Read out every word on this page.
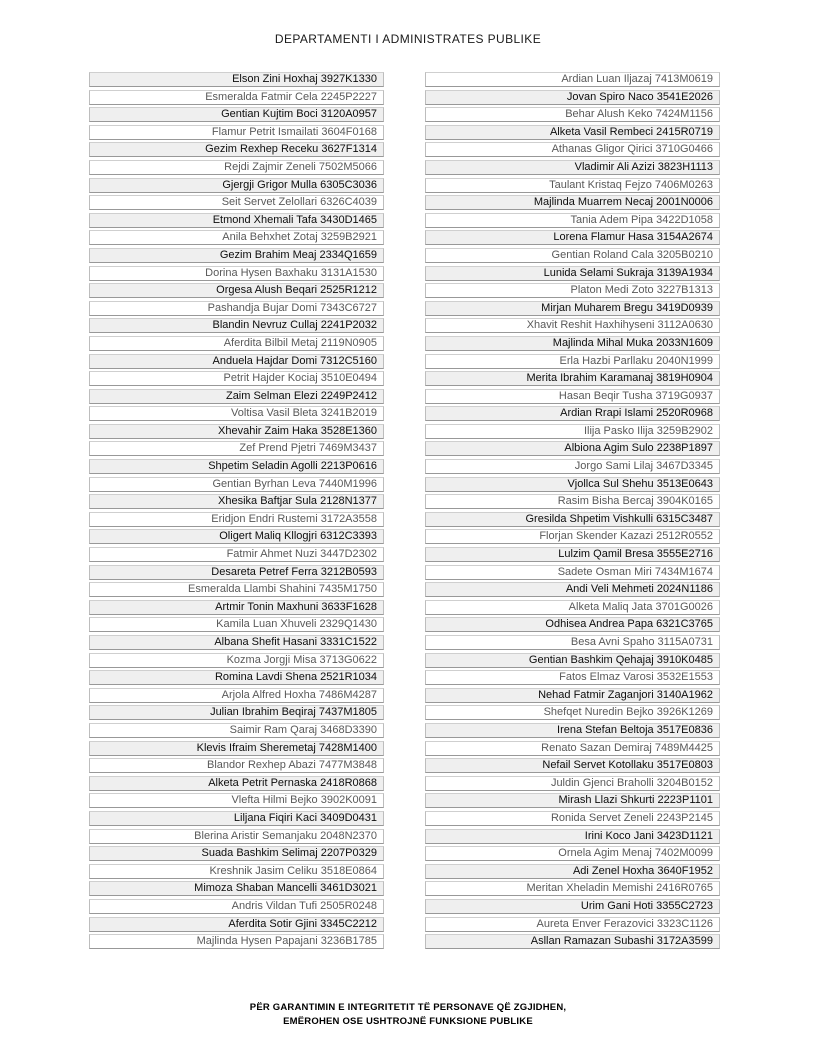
DEPARTAMENTI I ADMINISTRATES PUBLIKE
Elson Zini Hoxhaj 3927K1330
Esmeralda Fatmir Cela 2245P2227
Gentian Kujtim Boci 3120A0957
Flamur Petrit Ismailati 3604F0168
Gezim Rexhep Receku 3627F1314
Rejdi Zajmir Zeneli 7502M5066
Gjergji Grigor Mulla 6305C3036
Seit Servet Zelollari 6326C4039
Etmond Xhemali Tafa 3430D1465
Anila Behxhet Zotaj 3259B2921
Gezim Brahim Meaj 2334Q1659
Dorina Hysen Baxhaku 3131A1530
Orgesa Alush Beqari 2525R1212
Pashandja Bujar Domi 7343C6727
Blandin Nevruz Cullaj 2241P2032
Aferdita Bilbil Metaj 2119N0905
Anduela Hajdar Domi 7312C5160
Petrit Hajder Kociaj 3510E0494
Zaim Selman Elezi 2249P2412
Voltisa Vasil Bleta 3241B2019
Xhevahir Zaim Haka 3528E1360
Zef Prend Pjetri 7469M3437
Shpetim Seladin Agolli 2213P0616
Gentian Byrhan Leva 7440M1996
Xhesika Baftjar Sula 2128N1377
Eridjon Endri Rustemi 3172A3558
Oligert Maliq Kllogjri 6312C3393
Fatmir Ahmet Nuzi 3447D2302
Desareta Petref Ferra 3212B0593
Esmeralda Llambi Shahini 7435M1750
Artmir Tonin Maxhuni 3633F1628
Kamila Luan Xhuveli 2329Q1430
Albana Shefit Hasani 3331C1522
Kozma Jorgji Misa 3713G0622
Romina Lavdi Shena 2521R1034
Arjola Alfred Hoxha 7486M4287
Julian Ibrahim Beqiraj 7437M1805
Saimir Ram Qaraj 3468D3390
Klevis Ifraim Sheremetaj 7428M1400
Blandor Rexhep Abazi 7477M3848
Alketa Petrit Pernaska 2418R0868
Vlefta Hilmi Bejko 3902K0091
Liljana Fiqiri Kaci 3409D0431
Blerina Aristir Semanjaku 2048N2370
Suada Bashkim Selimaj 2207P0329
Kreshnik Jasim Celiku 3518E0864
Mimoza Shaban Mancelli 3461D3021
Andris Vildan Tufi 2505R0248
Aferdita Sotir Gjini 3345C2212
Majlinda Hysen Papajani 3236B1785
Ardian Luan Iljazaj 7413M0619
Jovan Spiro Naco 3541E2026
Behar Alush Keko 7424M1156
Alketa Vasil Rembeci 2415R0719
Athanas Gligor Qirici 3710G0466
Vladimir Ali Azizi 3823H1113
Taulant Kristaq Fejzo 7406M0263
Majlinda Muarrem Necaj 2001N0006
Tania Adem Pipa 3422D1058
Lorena Flamur Hasa 3154A2674
Gentian Roland Cala 3205B0210
Lunida Selami Sukraja 3139A1934
Platon Medi Zoto 3227B1313
Mirjan Muharem Bregu 3419D0939
Xhavit Reshit Haxhihyseni 3112A0630
Majlinda Mihal Muka 2033N1609
Erla Hazbi Parllaku 2040N1999
Merita Ibrahim Karamanaj 3819H0904
Hasan Beqir Tusha 3719G0937
Ardian Rrapi Islami 2520R0968
Ilija Pasko Ilija 3259B2902
Albiona Agim Sulo 2238P1897
Jorgo Sami Lilaj 3467D3345
Vjollca Sul Shehu 3513E0643
Rasim Bisha Bercaj 3904K0165
Gresilda Shpetim Vishkulli 6315C3487
Florjan Skender Kazazi 2512R0552
Lulzim Qamil Bresa 3555E2716
Sadete Osman Miri 7434M1674
Andi Veli Mehmeti 2024N1186
Alketa Maliq Jata 3701G0026
Odhisea Andrea Papa 6321C3765
Besa Avni Spaho 3115A0731
Gentian Bashkim Qehajaj 3910K0485
Fatos Elmaz Varosi 3532E1553
Nehad Fatmir Zaganjori 3140A1962
Shefqet Nuredin Bejko 3926K1269
Irena Stefan Beltoja 3517E0836
Renato Sazan Demiraj 7489M4425
Nefail Servet Kotollaku 3517E0803
Juldin Gjenci Braholli 3204B0152
Mirash Llazi Shkurti 2223P1101
Ronida Servet Zeneli 2243P2145
Irini Koco Jani 3423D1121
Ornela Agim Menaj 7402M0099
Adi Zenel Hoxha 3640F1952
Meritan Xheladin Memishi 2416R0765
Urim Gani Hoti 3355C2723
Aureta Enver Ferazovici 3323C1126
Asllan Ramazan Subashi 3172A3599
PËR GARANTIMIN E INTEGRITETIT TË PERSONAVE QË ZGJIDHEN,
EMËROHEN OSE USHTROJNË FUNKSIONE PUBLIKE
